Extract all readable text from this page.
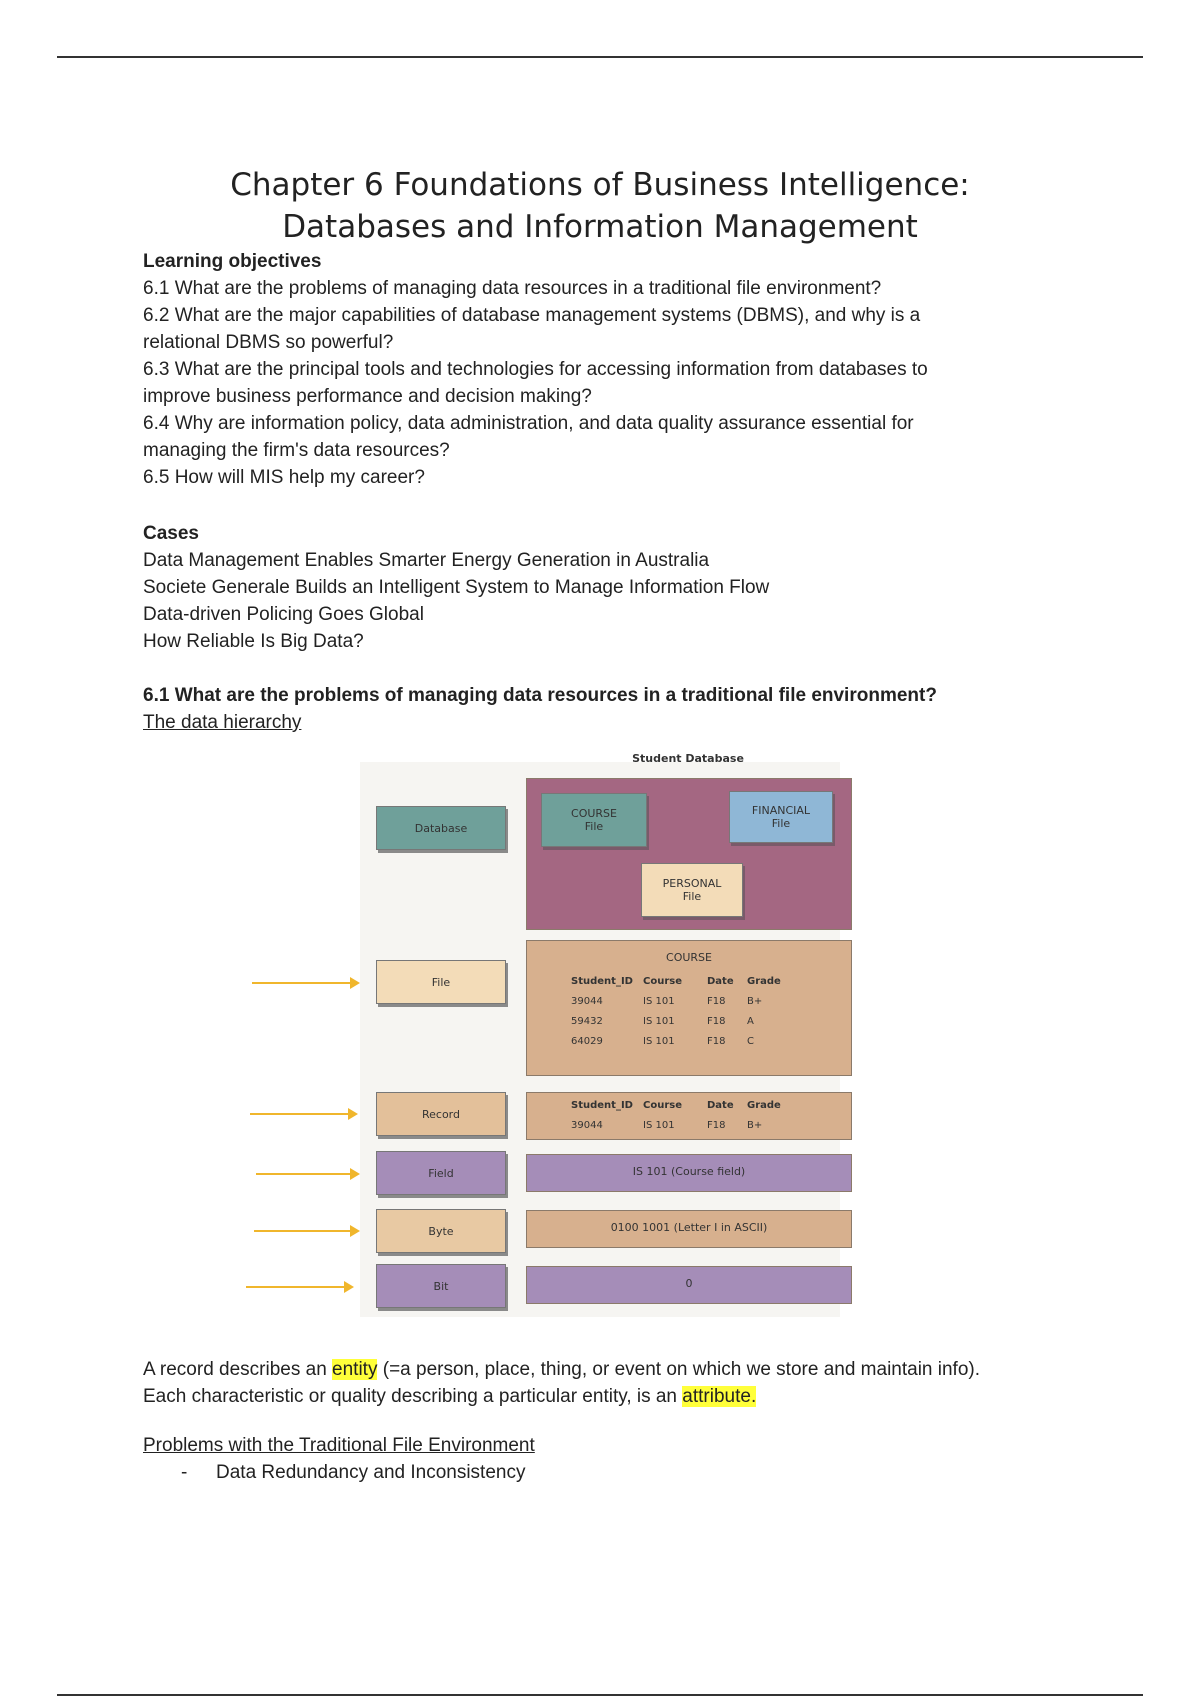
Chapter 6 Foundations of Business Intelligence:
Databases and Information Management
Learning objectives
6.1 What are the problems of managing data resources in a traditional file environment?
6.2 What are the major capabilities of database management systems (DBMS), and why is a
relational DBMS so powerful?
6.3 What are the principal tools and technologies for accessing information from databases to
improve business performance and decision making?
6.4 Why are information policy, data administration, and data quality assurance essential for
managing the firm's data resources?
6.5 How will MIS help my career?
Cases
Data Management Enables Smarter Energy Generation in Australia
Societe Generale Builds an Intelligent System to Manage Information Flow
Data-driven Policing Goes Global
How Reliable Is Big Data?
6.1 What are the problems of managing data resources in a traditional file environment?
The data hierarchy
Student Database
Database
File
Record
Field
Byte
Bit
COURSE
File
FINANCIAL
File
PERSONAL
File
COURSE
Student_ID	Course	Date	Grade
39044	IS 101	F18	B+
59432	IS 101	F18	A
64029	IS 101	F18	C
Student_ID	Course	Date	Grade
39044	IS 101	F18	B+
IS 101 (Course field)
0100 1001 (Letter I in ASCII)
0
A record describes an entity (=a person, place, thing, or event on which we store and maintain info).
Each characteristic or quality describing a particular entity, is an attribute.
Problems with the Traditional File Environment
- Data Redundancy and Inconsistency
